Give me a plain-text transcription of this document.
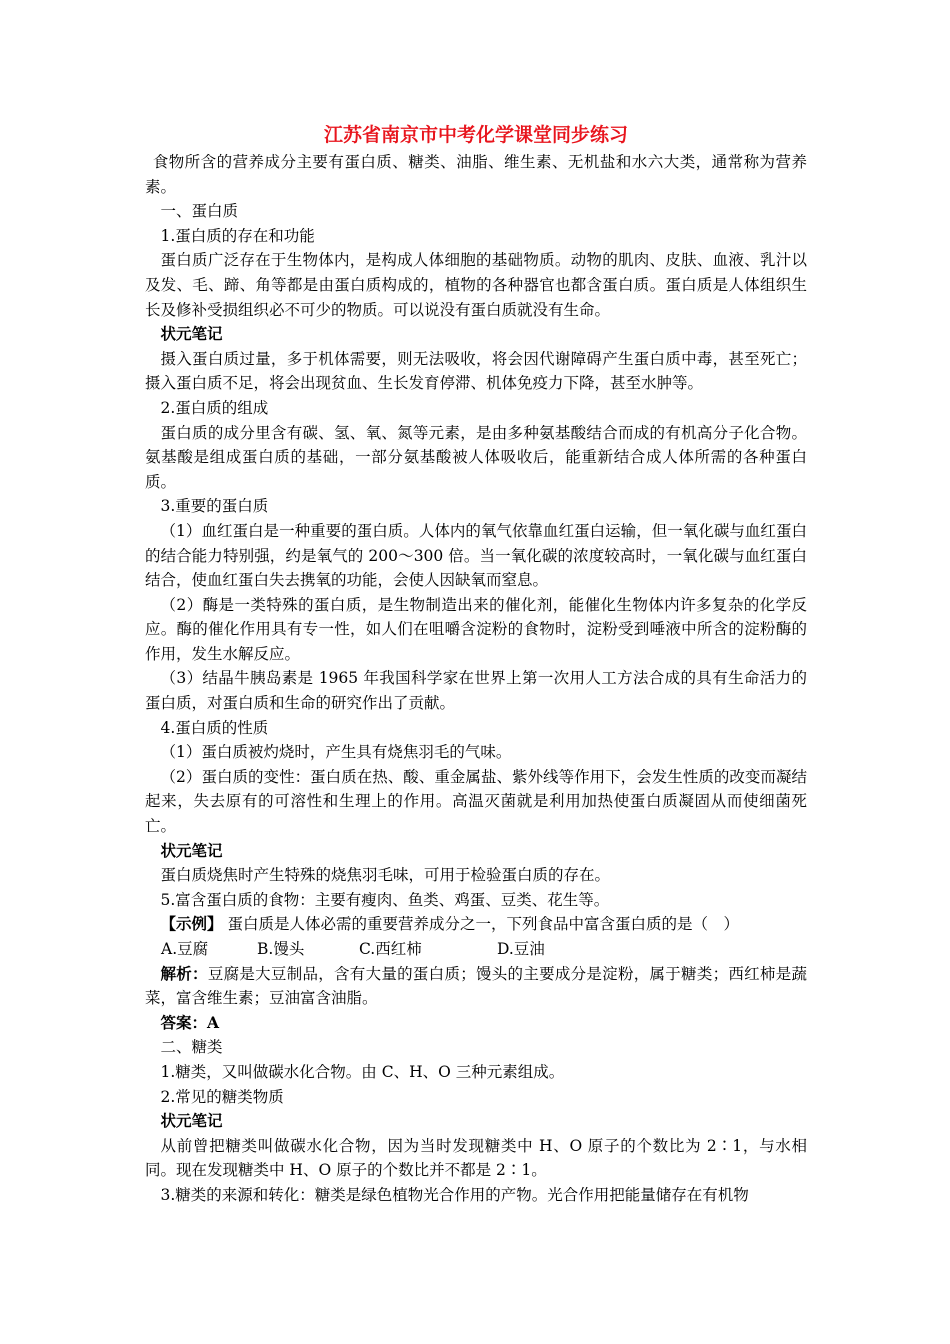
江苏省南京市中考化学课堂同步练习

食物所含的营养成分主要有蛋白质、糖类、油脂、维生素、无机盐和水六大类，通常称为营养素。

一、蛋白质

1.蛋白质的存在和功能

蛋白质广泛存在于生物体内，是构成人体细胞的基础物质。动物的肌肉、皮肤、血液、乳汁以及发、毛、蹄、角等都是由蛋白质构成的，植物的各种器官也都含蛋白质。蛋白质是人体组织生长及修补受损组织必不可少的物质。可以说没有蛋白质就没有生命。

状元笔记

摄入蛋白质过量，多于机体需要，则无法吸收，将会因代谢障碍产生蛋白质中毒，甚至死亡；摄入蛋白质不足，将会出现贫血、生长发育停滞、机体免疫力下降，甚至水肿等。

2.蛋白质的组成

蛋白质的成分里含有碳、氢、氧、氮等元素，是由多种氨基酸结合而成的有机高分子化合物。氨基酸是组成蛋白质的基础，一部分氨基酸被人体吸收后，能重新结合成人体所需的各种蛋白质。

3.重要的蛋白质

（1）血红蛋白是一种重要的蛋白质。人体内的氧气依靠血红蛋白运输，但一氧化碳与血红蛋白的结合能力特别强，约是氧气的 200～300 倍。当一氧化碳的浓度较高时，一氧化碳与血红蛋白结合，使血红蛋白失去携氧的功能，会使人因缺氧而窒息。

（2）酶是一类特殊的蛋白质，是生物制造出来的催化剂，能催化生物体内许多复杂的化学反应。酶的催化作用具有专一性，如人们在咀嚼含淀粉的食物时，淀粉受到唾液中所含的淀粉酶的作用，发生水解反应。

（3）结晶牛胰岛素是 1965 年我国科学家在世界上第一次用人工方法合成的具有生命活力的蛋白质，对蛋白质和生命的研究作出了贡献。

4.蛋白质的性质

（1）蛋白质被灼烧时，产生具有烧焦羽毛的气味。

（2）蛋白质的变性：蛋白质在热、酸、重金属盐、紫外线等作用下，会发生性质的改变而凝结起来，失去原有的可溶性和生理上的作用。高温灭菌就是利用加热使蛋白质凝固从而使细菌死亡。

状元笔记

蛋白质烧焦时产生特殊的烧焦羽毛味，可用于检验蛋白质的存在。

5.富含蛋白质的食物：主要有瘦肉、鱼类、鸡蛋、豆类、花生等。

【示例】 蛋白质是人体必需的重要营养成分之一，下列食品中富含蛋白质的是（　）

A.豆腐	B.馒头	C.西红柿	D.豆油

解析：豆腐是大豆制品，含有大量的蛋白质；馒头的主要成分是淀粉，属于糖类；西红柿是蔬菜，富含维生素；豆油富含油脂。

答案：A

二、糖类

1.糖类，又叫做碳水化合物。由 C、H、O 三种元素组成。

2.常见的糖类物质

状元笔记

从前曾把糖类叫做碳水化合物，因为当时发现糖类中 H、O 原子的个数比为 2∶1，与水相同。现在发现糖类中 H、O 原子的个数比并不都是 2∶1。

3.糖类的来源和转化：糖类是绿色植物光合作用的产物。光合作用把能量储存在有机物
